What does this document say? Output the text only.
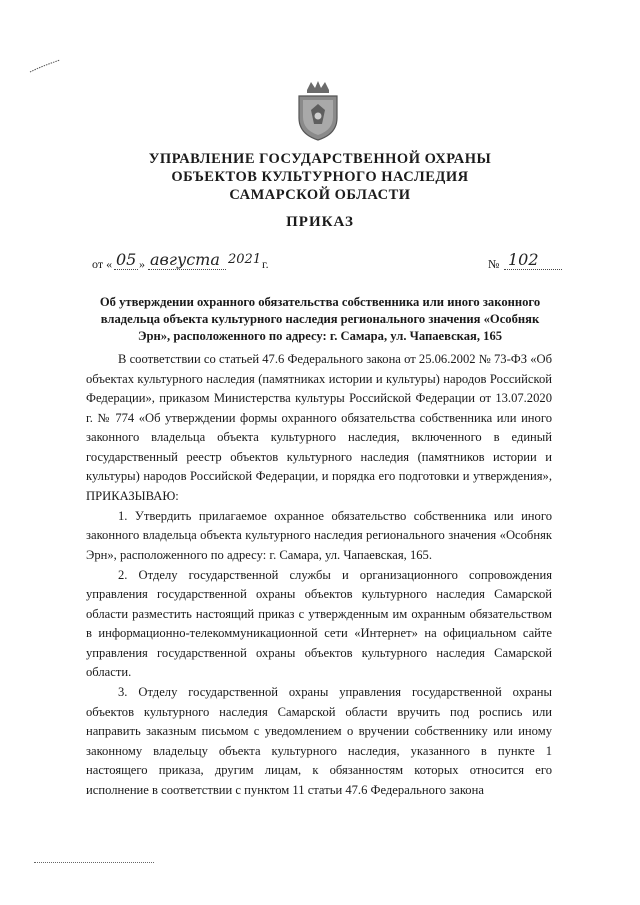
УПРАВЛЕНИЕ ГОСУДАРСТВЕННОЙ ОХРАНЫ
ОБЪЕКТОВ КУЛЬТУРНОГО НАСЛЕДИЯ
САМАРСКОЙ ОБЛАСТИ
ПРИКАЗ
от « 05 » августа 2021 г.	№ 102
Об утверждении охранного обязательства собственника или иного законного
владельца объекта культурного наследия регионального значения «Особняк
Эрн», расположенного по адресу: г. Самара, ул. Чапаевская, 165

В соответствии со статьей 47.6 Федерального закона от 25.06.2002 № 73-ФЗ «Об объектах культурного наследия (памятниках истории и культуры) народов Российской Федерации», приказом Министерства культуры Российской Федерации от 13.07.2020 г. № 774 «Об утверждении формы охранного обязательства собственника или иного законного владельца объекта культурного наследия, включенного в единый государственный реестр объектов культурного наследия (памятников истории и культуры) народов Российской Федерации, и порядка его подготовки и утверждения», ПРИКАЗЫВАЮ:

1. Утвердить прилагаемое охранное обязательство собственника или иного законного владельца объекта культурного наследия регионального значения «Особняк Эрн», расположенного по адресу: г. Самара, ул. Чапаевская, 165.

2. Отделу государственной службы и организационного сопровождения управления государственной охраны объектов культурного наследия Самарской области разместить настоящий приказ с утвержденным им охранным обязательством в информационно-телекоммуникационной сети «Интернет» на официальном сайте управления государственной охраны объектов культурного наследия Самарской области.

3. Отделу государственной охраны управления государственной охраны объектов культурного наследия Самарской области вручить под роспись или направить заказным письмом с уведомлением о вручении собственнику или иному законному владельцу объекта культурного наследия, указанного в пункте 1 настоящего приказа, другим лицам, к обязанностям которых относится его исполнение в соответствии с пунктом 11 статьи 47.6 Федерального закона
